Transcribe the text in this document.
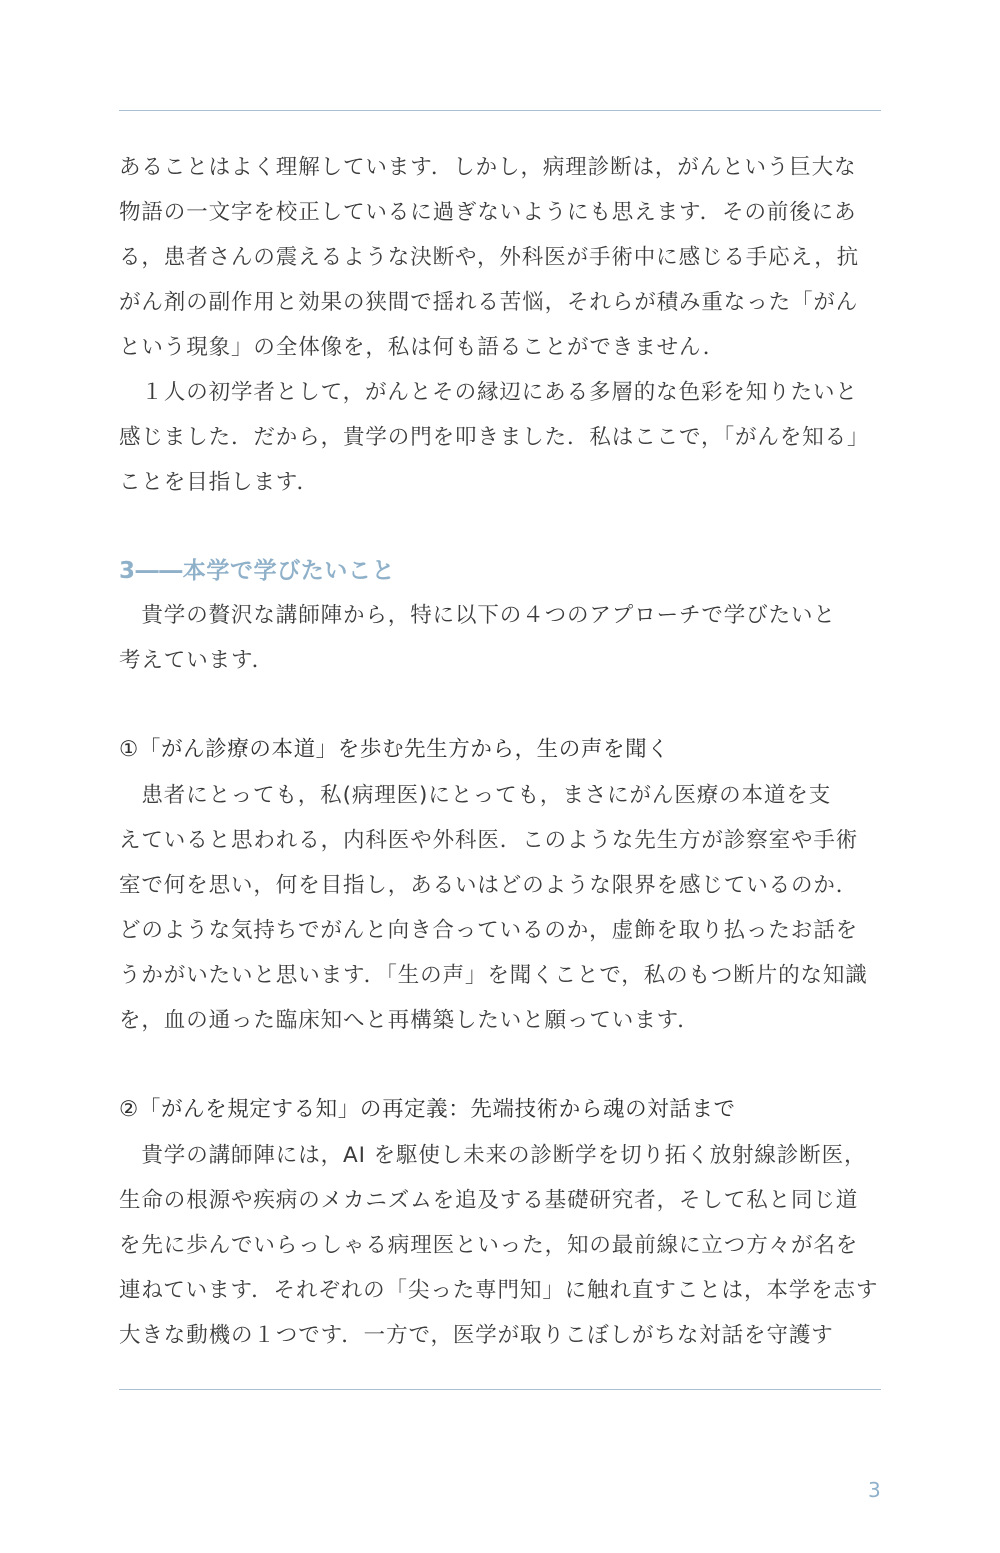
あることはよく理解しています．しかし，病理診断は，がんという巨大な
物語の一文字を校正しているに過ぎないようにも思えます．その前後にあ
る，患者さんの震えるような決断や，外科医が手術中に感じる手応え，抗
がん剤の副作用と効果の狭間で揺れる苦悩，それらが積み重なった「がん
という現象」の全体像を，私は何も語ることができません．
　１人の初学者として，がんとその縁辺にある多層的な色彩を知りたいと
感じました．だから，貴学の門を叩きました．私はここで，「がんを知る」
ことを目指します．
3――本学で学びたいこと
　貴学の贅沢な講師陣から，特に以下の４つのアプローチで学びたいと
考えています．
①「がん診療の本道」を歩む先生方から，生の声を聞く
　患者にとっても，私(病理医)にとっても，まさにがん医療の本道を支
えていると思われる，内科医や外科医．このような先生方が診察室や手術
室で何を思い，何を目指し，あるいはどのような限界を感じているのか．
どのような気持ちでがんと向き合っているのか，虚飾を取り払ったお話を
うかがいたいと思います．「生の声」を聞くことで，私のもつ断片的な知識
を，血の通った臨床知へと再構築したいと願っています．
②「がんを規定する知」の再定義：先端技術から魂の対話まで
　貴学の講師陣には，AI を駆使し未来の診断学を切り拓く放射線診断医，
生命の根源や疾病のメカニズムを追及する基礎研究者，そして私と同じ道
を先に歩んでいらっしゃる病理医といった，知の最前線に立つ方々が名を
連ねています．それぞれの「尖った専門知」に触れ直すことは，本学を志す
大きな動機の１つです．一方で，医学が取りこぼしがちな対話を守護す
3
